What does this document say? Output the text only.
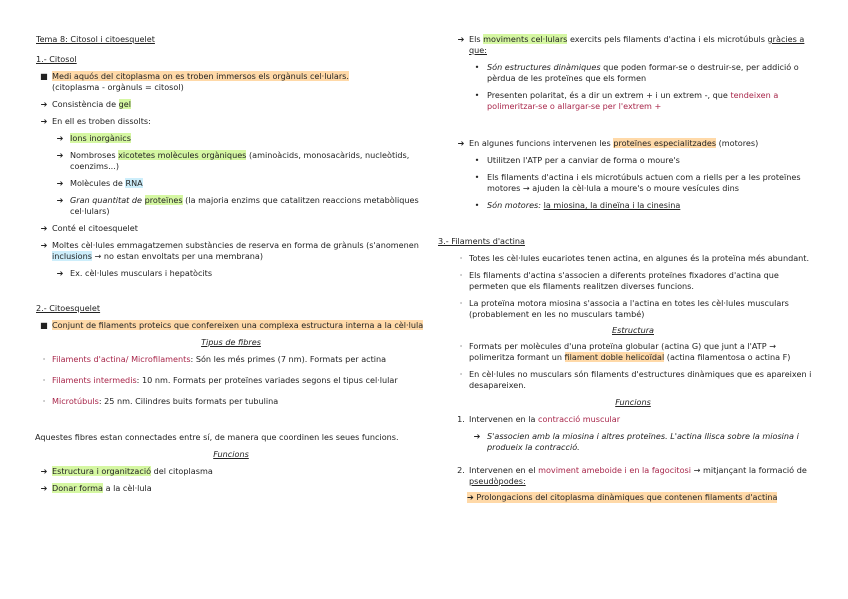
Tema 8: Citosol i citoesquelet

1.- Citosol

■ Medi aquós del citoplasma on es troben immersos els orgànuls cel·lulars.
(citoplasma - orgànuls = citosol)
➔ Consistència de gel
➔ En ell es troben dissolts:
➔ Ions inorgànics
➔ Nombroses xicotetes molècules orgàniques (aminoàcids, monosacàrids, nucleòtids, coenzims...)
➔ Molècules de RNA
➔ Gran quantitat de proteïnes (la majoria enzims que catalitzen reaccions metabòliques cel·lulars)
➔ Conté el citoesquelet
➔ Moltes cèl·lules emmagatzemen substàncies de reserva en forma de grànuls (s'anomenen inclusions → no estan envoltats per una membrana)
➔ Ex. cèl·lules musculars i hepatòcits

2.- Citoesquelet

■ Conjunt de filaments proteics que confereixen una complexa estructura interna a la cèl·lula

Tipus de fibres

· Filaments d'actina/ Microfilaments: Són les més primes (7 nm). Formats per actina
· Filaments intermedis: 10 nm. Formats per proteïnes variades segons el tipus cel·lular
· Microtúbuls: 25 nm. Cilindres buits formats per tubulina

Aquestes fibres estan connectades entre sí, de manera que coordinen les seues funcions.

Funcions

➔ Estructura i organització del citoplasma
➔ Donar forma a la cèl·lula
➔ Els moviments cel·lulars exercits pels filaments d'actina i els microtúbuls gràcies a que:
• Són estructures dinàmiques que poden formar-se o destruir-se, per addició o pèrdua de les proteïnes que els formen
• Presenten polaritat, és a dir un extrem + i un extrem -, que tendeixen a polimeritzar-se o allargar-se per l'extrem +
➔ En algunes funcions intervenen les proteïnes especialitzades (motores)
• Utilitzen l'ATP per a canviar de forma o moure's
• Els filaments d'actina i els microtúbuls actuen com a riells per a les proteïnes motores → ajuden la cèl·lula a moure's o moure vesícules dins
• Són motores: la miosina, la dineïna i la cinesina

3.- Filaments d'actina

· Totes les cèl·lules eucariotes tenen actina, en algunes és la proteïna més abundant.
· Els filaments d'actina s'associen a diferents proteïnes fixadores d'actina que permeten que els filaments realitzen diverses funcions.
· La proteïna motora miosina s'associa a l'actina en totes les cèl·lules musculars (probablement en les no musculars també)

Estructura

· Formats per molècules d'una proteïna globular (actina G) que junt a l'ATP → polimeritza formant un filament doble helicoïdal (actina filamentosa o actina F)
· En cèl·lules no musculars són filaments d'estructures dinàmiques que es apareixen i desapareixen.

Funcions

1. Intervenen en la contracció muscular
➔ S'associen amb la miosina i altres proteïnes. L'actina llisca sobre la miosina i produeix la contracció.
2. Intervenen en el moviment ameboide i en la fagocitosi → mitjançant la formació de pseudòpodes:
➔ Prolongacions del citoplasma dinàmiques que contenen filaments d'actina
